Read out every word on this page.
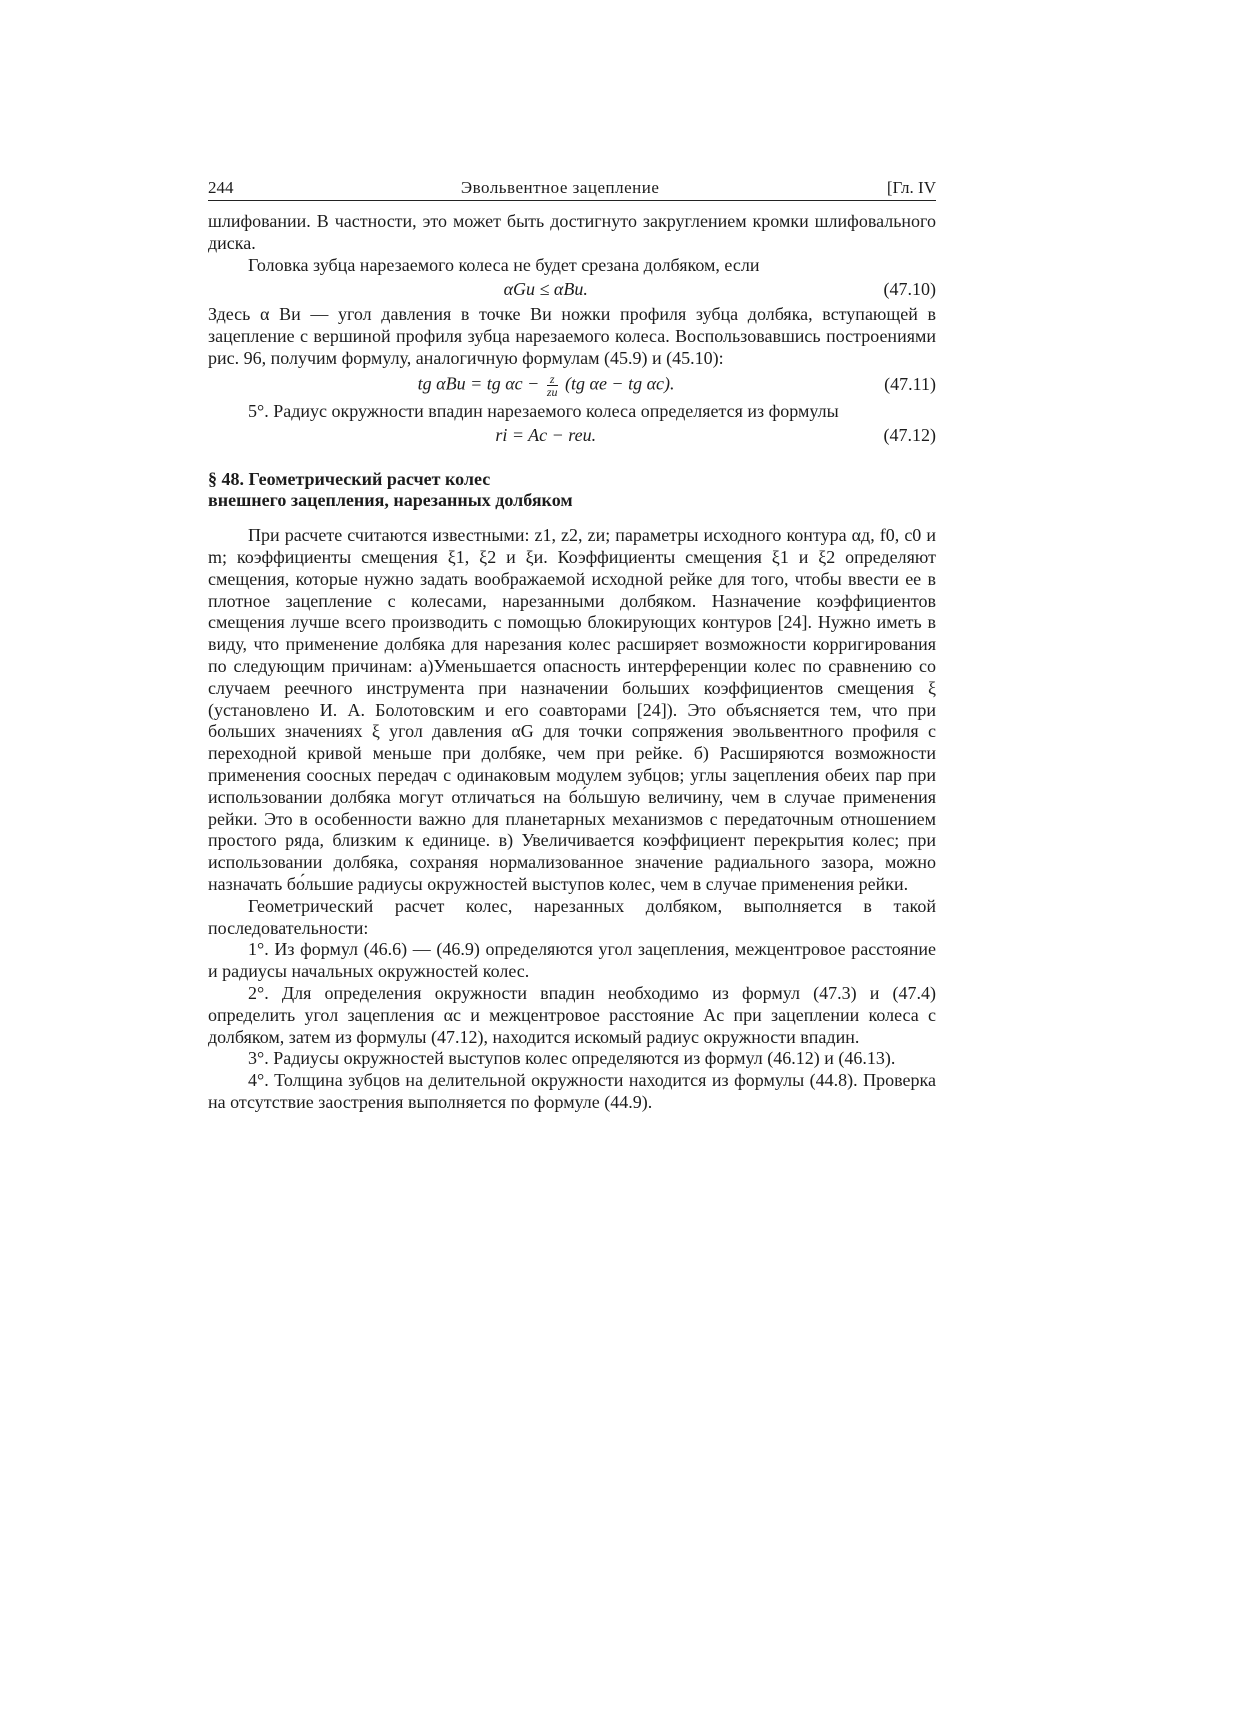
244	Эвольвентное зацепление	[Гл. IV

шлифовании. В частности, это может быть достигнуто закруглением кромки шлифовального диска.

Головка зубца нарезаемого колеса не будет срезана долбяком, если

αGи ≤ αBи.	(47.10)

Здесь α Bи — угол давления в точке Bи ножки профиля зубца долбяка, вступающей в зацепление с вершиной профиля зубца нарезаемого колеса. Воспользовавшись построениями рис. 96, получим формулу, аналогичную формулам (45.9) и (45.10):

tg αBи = tg $\alpha c - \frac{z}{zи} (tg$ αe − tg αc).	(47.11)

5°. Радиус окружности впадин нарезаемого колеса определяется из формулы

ri = Ac − reи.	(47.12)
§ 48. Геометрический расчет колес
внешнего зацепления, нарезанных долбяком

При расчете считаются известными: z1, z2, zи; параметры исходного контура αд, f0, c0 и m; коэффициенты смещения ξ1, ξ2 и ξи. Коэффициенты смещения ξ1 и ξ2 определяют смещения, которые нужно задать воображаемой исходной рейке для того, чтобы ввести ее в плотное зацепление с колесами, нарезанными долбяком. Назначение коэффициентов смещения лучше всего производить с помощью блокирующих контуров [24]. Нужно иметь в виду, что применение долбяка для нарезания колес расширяет возможности корригирования по следующим причинам: а)Уменьшается опасность интерференции колес по сравнению со случаем реечного инструмента при назначении больших коэффициентов смещения ξ (установлено И. А. Болотовским и его соавторами [24]). Это объясняется тем, что при больших значениях ξ угол давления αG для точки сопряжения эвольвентного профиля с переходной кривой меньше при долбяке, чем при рейке. б) Расширяются возможности применения соосных передач с одинаковым модулем зубцов; углы зацепления обеих пар при использовании долбяка могут отличаться на бо́льшую величину, чем в случае применения рейки. Это в особенности важно для планетарных механизмов с передаточным отношением простого ряда, близким к единице. в) Увеличивается коэффициент перекрытия колес; при использовании долбяка, сохраняя нормализованное значение радиального зазора, можно назначать бо́льшие радиусы окружностей выступов колес, чем в случае применения рейки.

Геометрический расчет колес, нарезанных долбяком, выполняется в такой последовательности:

1°. Из формул (46.6) — (46.9) определяются угол зацепления, межцентровое расстояние и радиусы начальных окружностей колес.

2°. Для определения окружности впадин необходимо из формул (47.3) и (47.4) определить угол зацепления αc и межцентровое расстояние Ac при зацеплении колеса с долбяком, затем из формулы (47.12), находится искомый радиус окружности впадин.

3°. Радиусы окружностей выступов колес определяются из формул (46.12) и (46.13).

4°. Толщина зубцов на делительной окружности находится из формулы (44.8). Проверка на отсутствие заострения выполняется по формуле (44.9).
